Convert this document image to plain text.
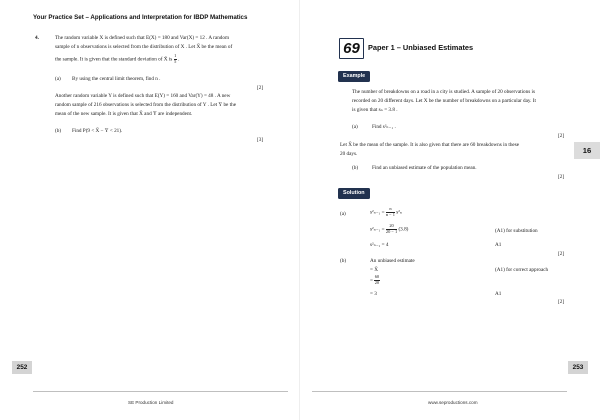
Your Practice Set – Applications and Interpretation for IBDP Mathematics
4.	The random variable X is defined such that E(X) = 180 and Var(X) = 12 . A random
sample of n observations is selected from the distribution of X . Let X̄ be the mean of
the sample. It is given that the standard deviation of X̄ is $\frac{1}{5}$ .
(a) By using the central limit theorem, find n .
[2]
Another random variable Y is defined such that E(Y) = 160 and Var(Y) = 48 . A new
random sample of 216 observations is selected from the distribution of Y . Let Ȳ be the
mean of the new sample. It is given that X̄ and Ȳ are independent.
(b) Find P(9 < X̄ − Ȳ < 21).
[3]
252
SE Production Limited
69	Paper 1 – Unbiased Estimates
Example
The number of breakdowns on a road in a city is studied. A sample of 20 observations is
recorded on 20 different days. Let X be the number of breakdowns on a particular day. It
is given that sₙ = 3.8 .
(a)	Find s²ₙ₋₁ .
[2]
Let X̄ be the mean of the sample. It is also given that there are 60 breakdowns in these
20 days.
(b)	Find an unbiased estimate of the population mean.
[2]
16
Solution
(a)	$s^2_{n-1} = \frac{n}{n - 1} s^2_n$
$s^2_{n-1} = \frac{20}{20 - 1} (3.8)$	(A1) for substitution
s²ₙ₋₁ = 4	A1
[2]
(b)	An unbiased estimate
= X̄	(A1) for correct approach
= $\frac{60}{20}$
= 3	A1
[2]
253
www.seproductions.com
